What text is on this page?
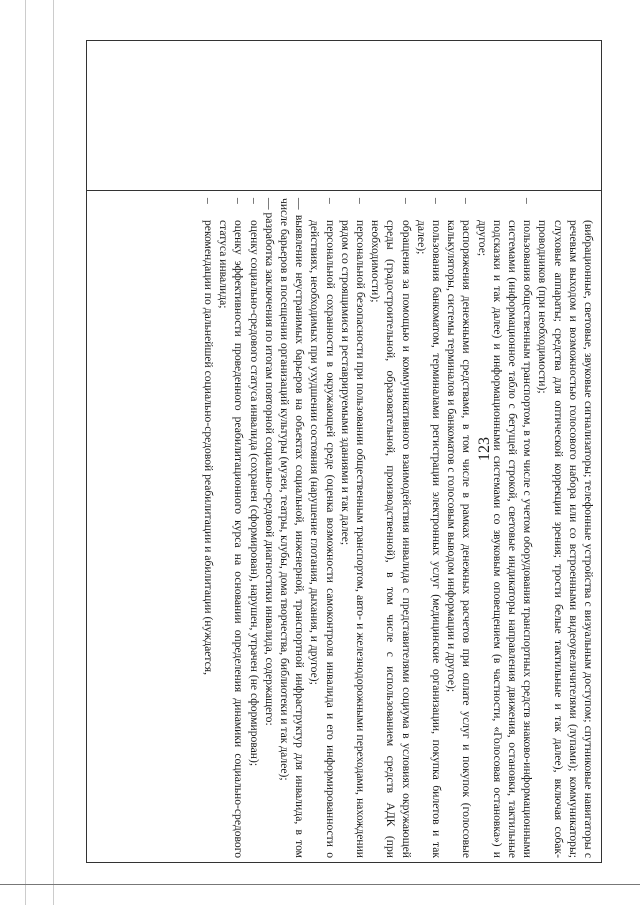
123	(вибрационные, световые, звуковые сигнализаторы; телефонные устройства с визуальным доступом; спутниковые навигаторы с речевым выходом и возможностью голосового набора или со встроенными видеоувеличителями (лупами); коммуникаторы; слуховые аппараты; средства для оптической коррекции зрения; трости белые тактильные и так далее), включая собак-проводников (при необходимости);
–
пользования общественным транспортом, в том числе с учетом оборудования транспортных средств знаково-информационными системами (информационное табло с бегущей строкой, световые индикаторы направления движения, остановки, тактильные подсказки и так далее) и информационными системами со звуковым оповещением (в частности, «Голосовая остановка») и другое;
–
распоряжения денежными средствами, в том числе в рамках денежных расчетов при оплате услуг и покупок (голосовые калькуляторы, системы терминалов и банкоматов с голосовым выводом информации и другое);
–
пользования банкоматом, терминалами регистрации электронных услуг (медицинские организации, покупка билетов и так далее);
–
обращения за помощью и коммуникативного взаимодействия инвалида с представителями социума в условиях окружающей среды (градостроительной, образовательной, производственной), в том числе с использованием средств АДК (при необходимости);
–
персональной безопасности при пользовании общественным транспортом, авто- и железнодорожными переходами, нахождении рядом со строящимися и реставрируемыми зданиями и так далее;
–
персональной сохранности в окружающей среде (оценка возможности самоконтроля инвалида и его информированности о действиях, необходимых при ухудшении состояния (нарушение глотания, дыхания, и другое);
— выявление неустранимых барьеров на объектах социальной, инженерной, транспортной инфраструктур для инвалида, в том числе барьеров в посещении организаций культуры (музеи, театры, клубы, дома творчества, библиотеки и так далее);
— разработка заключения по итогам повторной социально-средовой диагностики инвалида, содержащего:
–
оценку социально-средового статуса инвалида (сохранен (сформирован), нарушен, утрачен (не сформирован);
–
оценку эффективности проведенного реабилитационного курса на основании определения динамики социально-средового статуса инвалида;
–
рекомендации по дальнейшей социально-средовой реабилитации и абилитации (нуждается,
